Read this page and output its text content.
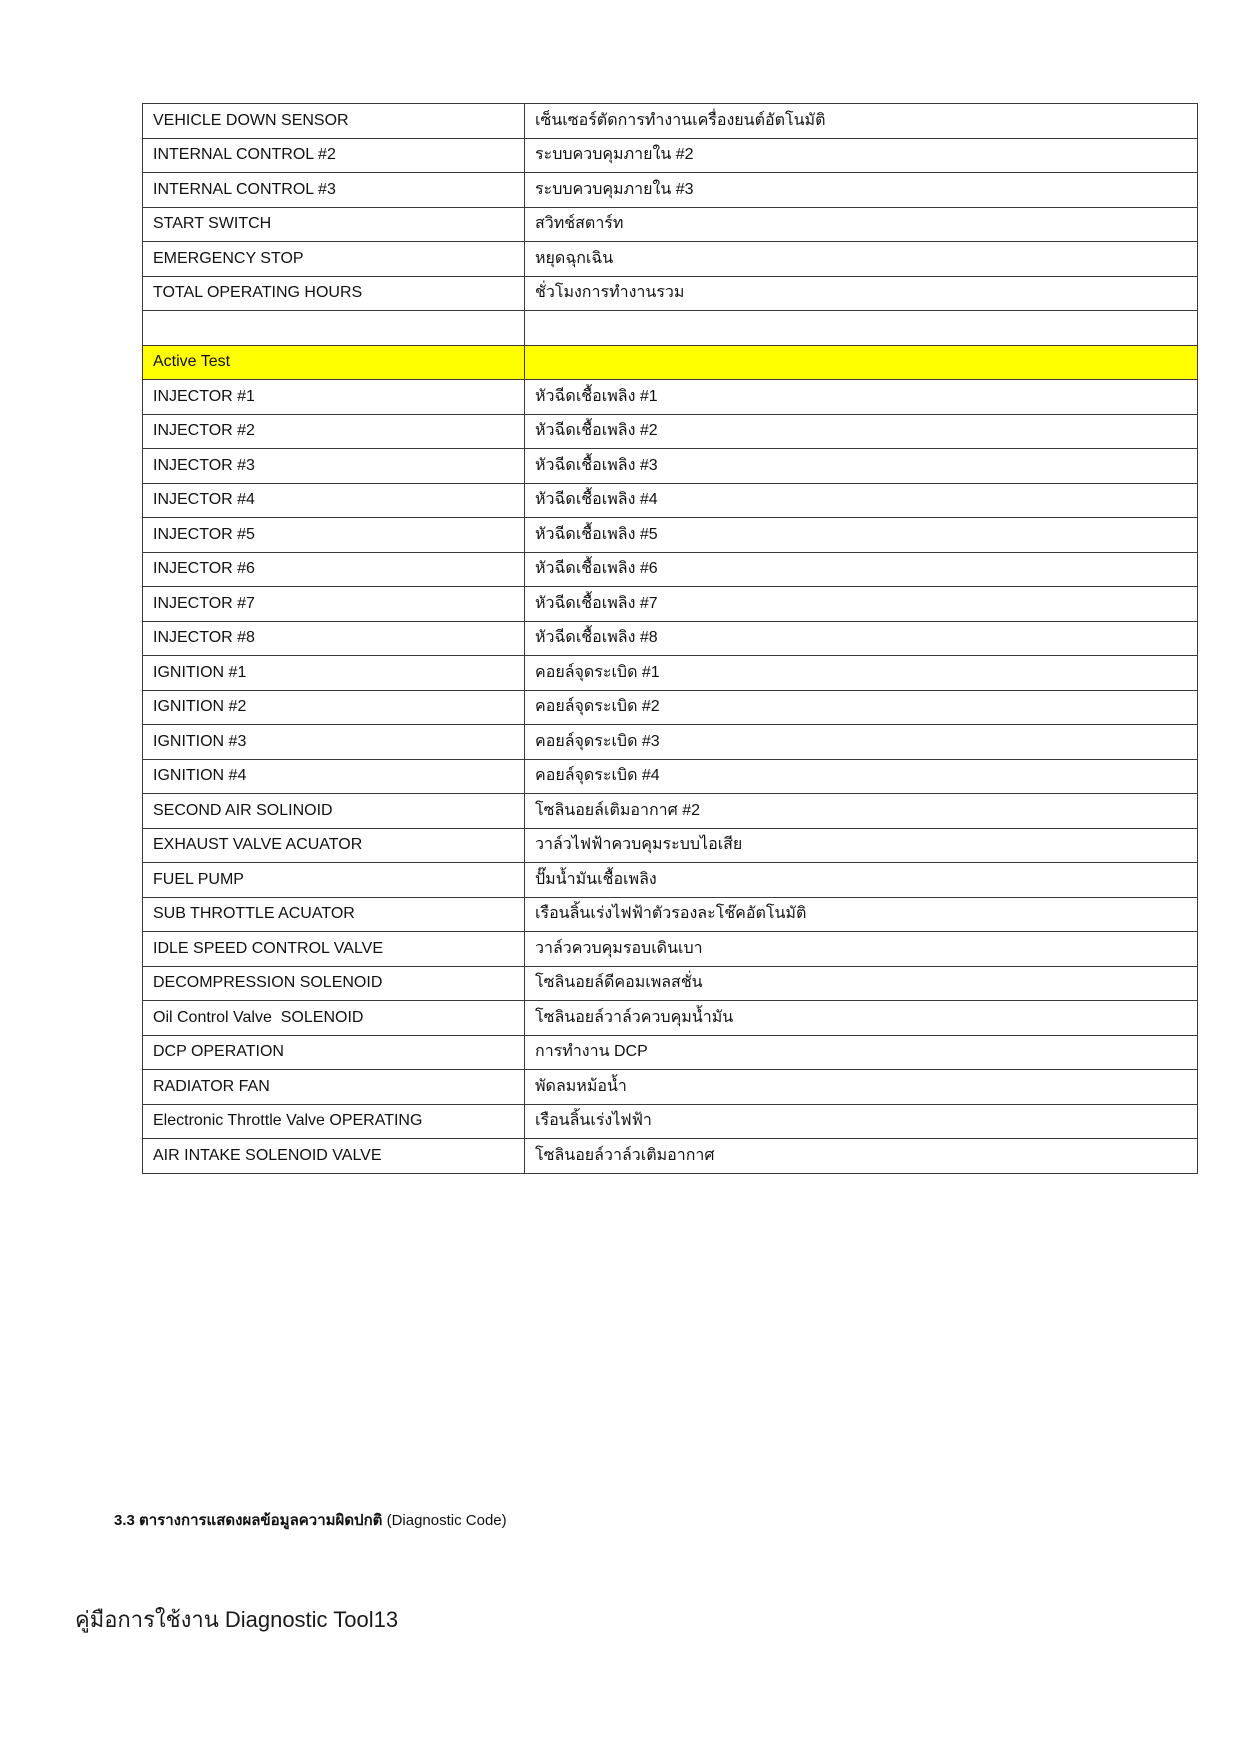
VEHICLE DOWN SENSOR	เซ็นเซอร์ตัดการทำงานเครื่องยนต์อัตโนมัติ
INTERNAL CONTROL #2	ระบบควบคุมภายใน #2
INTERNAL CONTROL #3	ระบบควบคุมภายใน #3
START SWITCH	สวิทช์สตาร์ท
EMERGENCY STOP	หยุดฉุกเฉิน
TOTAL OPERATING HOURS	ชั่วโมงการทำงานรวม

Active Test	
INJECTOR #1	หัวฉีดเชื้อเพลิง #1
INJECTOR #2	หัวฉีดเชื้อเพลิง #2
INJECTOR #3	หัวฉีดเชื้อเพลิง #3
INJECTOR #4	หัวฉีดเชื้อเพลิง #4
INJECTOR #5	หัวฉีดเชื้อเพลิง #5
INJECTOR #6	หัวฉีดเชื้อเพลิง #6
INJECTOR #7	หัวฉีดเชื้อเพลิง #7
INJECTOR #8	หัวฉีดเชื้อเพลิง #8
IGNITION #1	คอยล์จุดระเบิด #1
IGNITION #2	คอยล์จุดระเบิด #2
IGNITION #3	คอยล์จุดระเบิด #3
IGNITION #4	คอยล์จุดระเบิด #4
SECOND AIR SOLINOID	โซลินอยล์เติมอากาศ #2
EXHAUST VALVE ACUATOR	วาล์วไฟฟ้าควบคุมระบบไอเสีย
FUEL PUMP	ปั๊มน้ำมันเชื้อเพลิง
SUB THROTTLE ACUATOR	เรือนลิ้นเร่งไฟฟ้าตัวรองละโช๊คอัตโนมัติ
IDLE SPEED CONTROL VALVE	วาล์วควบคุมรอบเดินเบา
DECOMPRESSION SOLENOID	โซลินอยล์ดีคอมเพลสชั่น
Oil Control Valve  SOLENOID	โซลินอยล์วาล์วควบคุมน้ำมัน
DCP OPERATION	การทำงาน DCP
RADIATOR FAN	พัดลมหม้อน้ำ
Electronic Throttle Valve OPERATING	เรือนลิ้นเร่งไฟฟ้า
AIR INTAKE SOLENOID VALVE	โซลินอยล์วาล์วเติมอากาศ
3.3 ตารางการแสดงผลข้อมูลความผิดปกติ (Diagnostic Code)
คู่มือการใช้งาน Diagnostic Tool13
